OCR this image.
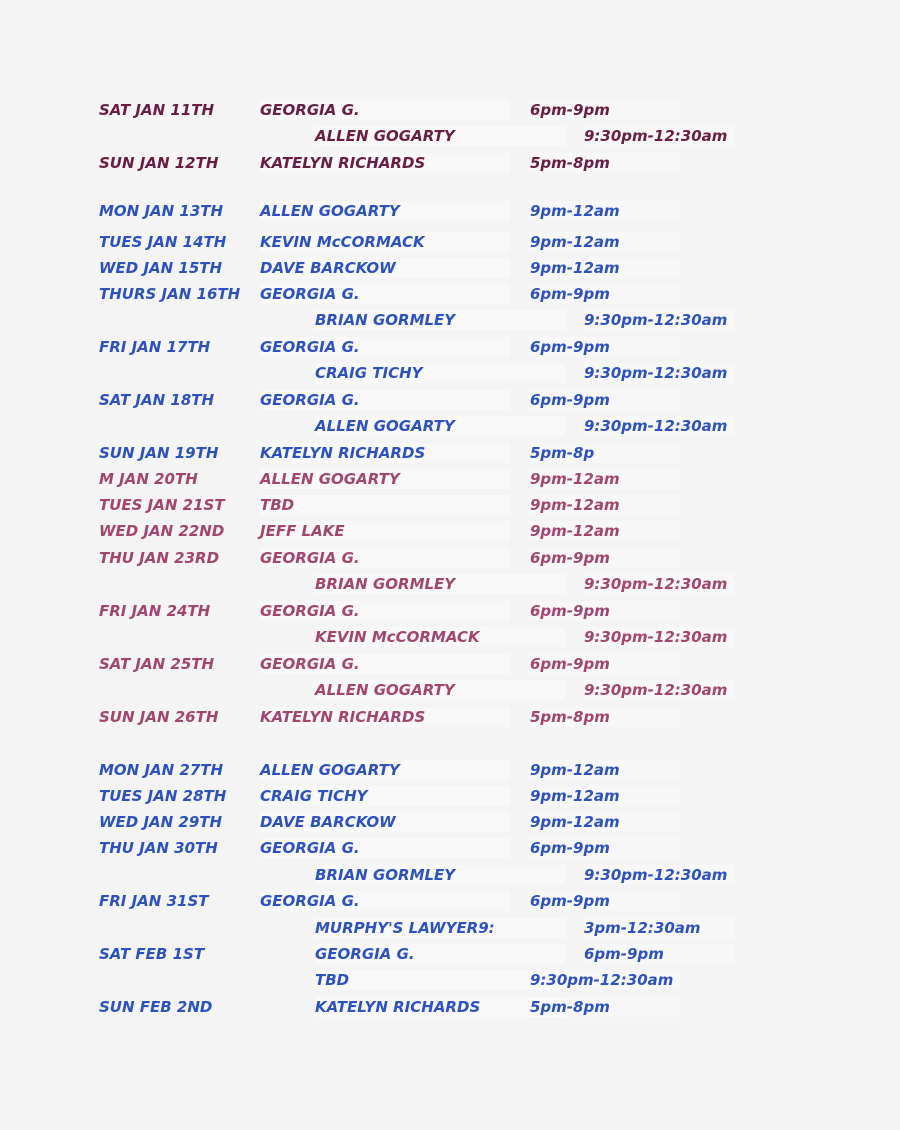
SAT JAN 11TH	GEORGIA G.	6pm-9pm
ALLEN GOGARTY	9:30pm-12:30am
SUN JAN 12TH	KATELYN RICHARDS	5pm-8pm
MON JAN 13TH ALLEN GOGARTY	9pm-12am
TUES JAN 14TH KEVIN McCORMACK	9pm-12am
WED JAN 15TH	DAVE BARCKOW	9pm-12am
THURS JAN 16TH GEORGIA G.	6pm-9pm
BRIAN GORMLEY	9:30pm-12:30am
FRI JAN 17TH	GEORGIA G.	6pm-9pm
CRAIG TICHY	9:30pm-12:30am
SAT JAN 18TH	GEORGIA G.	6pm-9pm
ALLEN GOGARTY	9:30pm-12:30am
SUN JAN 19TH	KATELYN RICHARDS	5pm-8p
M JAN 20TH	ALLEN GOGARTY	9pm-12am
TUES JAN 21ST TBD	9pm-12am
WED JAN 22ND JEFF LAKE	9pm-12am
THU JAN 23RD	GEORGIA G.	6pm-9pm
BRIAN GORMLEY	9:30pm-12:30am
FRI JAN 24TH	GEORGIA G.	6pm-9pm
KEVIN McCORMACK	9:30pm-12:30am
SAT JAN 25TH	GEORGIA G.	6pm-9pm
ALLEN GOGARTY	9:30pm-12:30am
SUN JAN 26TH	KATELYN RICHARDS	5pm-8pm
MON JAN 27TH ALLEN GOGARTY	9pm-12am
TUES JAN 28TH CRAIG TICHY	9pm-12am
WED JAN 29TH	DAVE BARCKOW	9pm-12am
THU JAN 30TH	GEORGIA G.	6pm-9pm
BRIAN GORMLEY	9:30pm-12:30am
FRI JAN 31ST	GEORGIA G.	6pm-9pm
MURPHY'S LAWYER9:	3pm-12:30am
SAT FEB 1ST	GEORGIA G.	6pm-9pm
TBD	9:30pm-12:30am
SUN FEB 2ND	KATELYN RICHARDS	5pm-8pm
